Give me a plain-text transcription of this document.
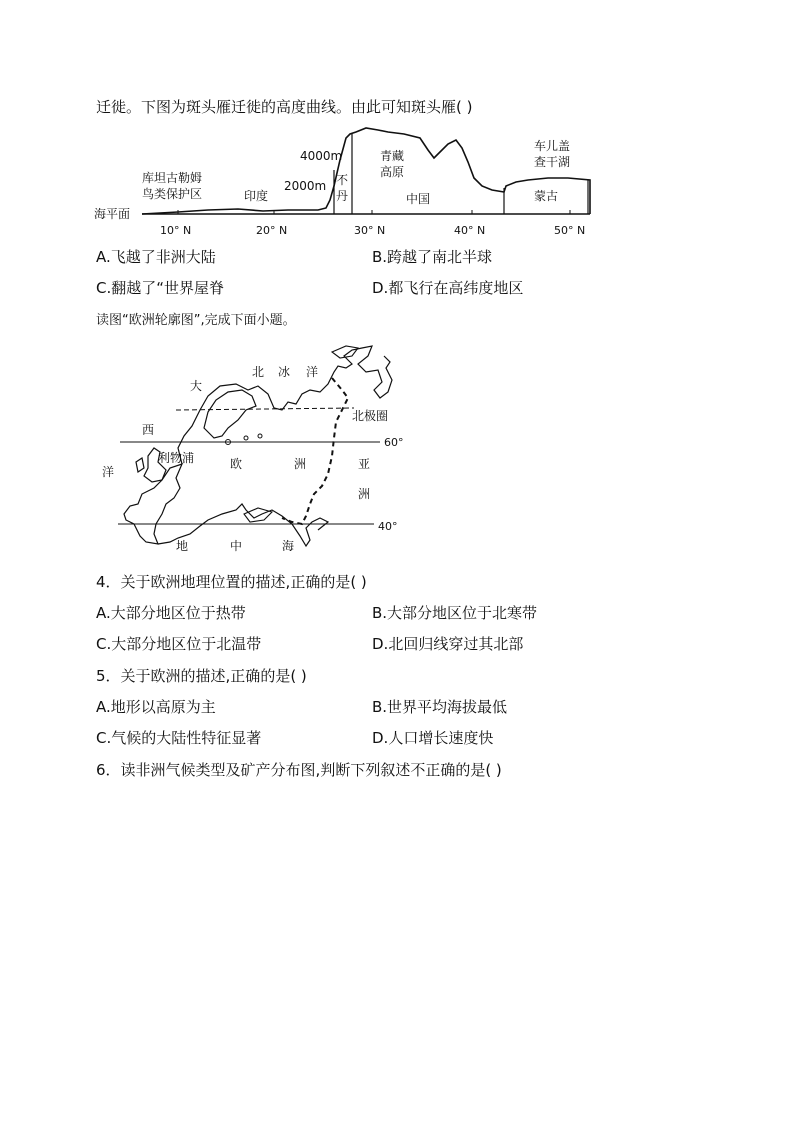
迁徙。下图为斑头雁迁徙的高度曲线。由此可知斑头雁( )
海平面
库坦古勒姆
鸟类保护区	印度
2000m
4000m
不
丹
青藏
高原
中国
车儿盖
查干湖
蒙古
10° N	20° N	30° N	40° N	50° N
A.飞越了非洲大陆	B.跨越了南北半球
C.翻越了“世界屋脊	D.都飞行在高纬度地区
读图“欧洲轮廓图”,完成下面小题。
北 冰 洋
大
西
洋
北极圈
60°
40°
利物浦	欧	洲	亚
洲
地	中	海
4．关于欧洲地理位置的描述,正确的是( )
A.大部分地区位于热带	B.大部分地区位于北寒带
C.大部分地区位于北温带	D.北回归线穿过其北部
5．关于欧洲的描述,正确的是( )
A.地形以高原为主	B.世界平均海拔最低
C.气候的大陆性特征显著	D.人口增长速度快
6．读非洲气候类型及矿产分布图,判断下列叙述不正确的是( )
